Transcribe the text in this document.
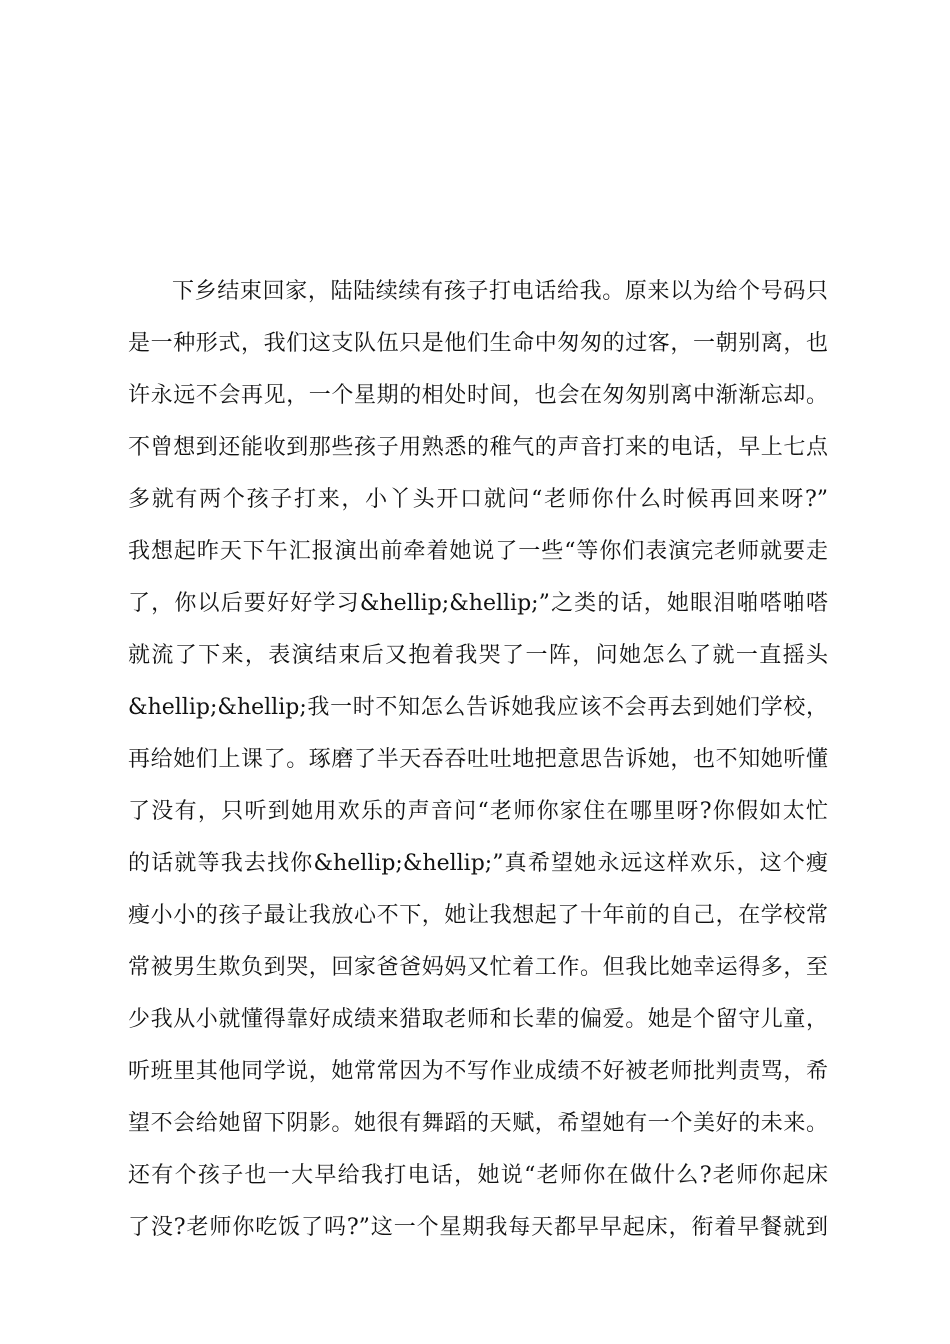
下乡结束回家，陆陆续续有孩子打电话给我。原来以为给个号码只
是一种形式，我们这支队伍只是他们生命中匆匆的过客，一朝别离，也
许永远不会再见，一个星期的相处时间，也会在匆匆别离中渐渐忘却。
不曾想到还能收到那些孩子用熟悉的稚气的声音打来的电话，早上七点
多就有两个孩子打来，小丫头开口就问“老师你什么时候再回来呀?”
我想起昨天下午汇报演出前牵着她说了一些“等你们表演完老师就要走
了，你以后要好好学习&hellip;&hellip;”之类的话，她眼泪啪嗒啪嗒
就流了下来，表演结束后又抱着我哭了一阵，问她怎么了就一直摇头
&hellip;&hellip;我一时不知怎么告诉她我应该不会再去到她们学校，
再给她们上课了。琢磨了半天吞吞吐吐地把意思告诉她，也不知她听懂
了没有，只听到她用欢乐的声音问“老师你家住在哪里呀?你假如太忙
的话就等我去找你&hellip;&hellip;”真希望她永远这样欢乐，这个瘦
瘦小小的孩子最让我放心不下，她让我想起了十年前的自己，在学校常
常被男生欺负到哭，回家爸爸妈妈又忙着工作。但我比她幸运得多，至
少我从小就懂得靠好成绩来猎取老师和长辈的偏爱。她是个留守儿童，
听班里其他同学说，她常常因为不写作业成绩不好被老师批判责骂，希
望不会给她留下阴影。她很有舞蹈的天赋，希望她有一个美好的未来。
还有个孩子也一大早给我打电话，她说“老师你在做什么?老师你起床
了没?老师你吃饭了吗?”这一个星期我每天都早早起床，衔着早餐就到
